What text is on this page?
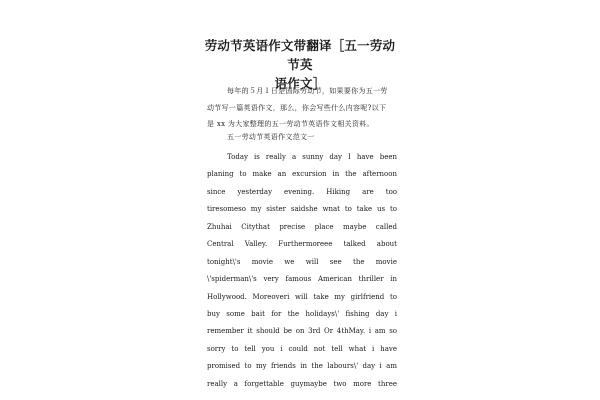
劳动节英语作文带翻译［五一劳动节英
语作文］

每年的５月１日是国际劳动节，如果要你为五一劳
动节写一篇英语作文，那么，你会写些什么内容呢?以下
是 xx 为大家整理的五一劳动节英语作文相关资料。

五一劳动节英语作文范文一

Today is really a sunny day I have been
planing to make an excursion in the afternoon
since yesterday evening. Hiking are too
tiresomeso my sister saidshe wnat to take us to
Zhuhai Citythat precise place maybe called
Central Valley. Furthermoreee talked about
tonight\'s movie we will see the movie
\'spiderman\'s very famous American thriller in
Hollywood. Moreoveri will take my girlfriend to
buy some bait for the holidays\' fishing day i
remember it should be on 3rd Or 4thMay. i am so
sorry to tell you i could not tell what i have
promised to my friends in the labours\' day i am
really a forgettable guymaybe two more three
